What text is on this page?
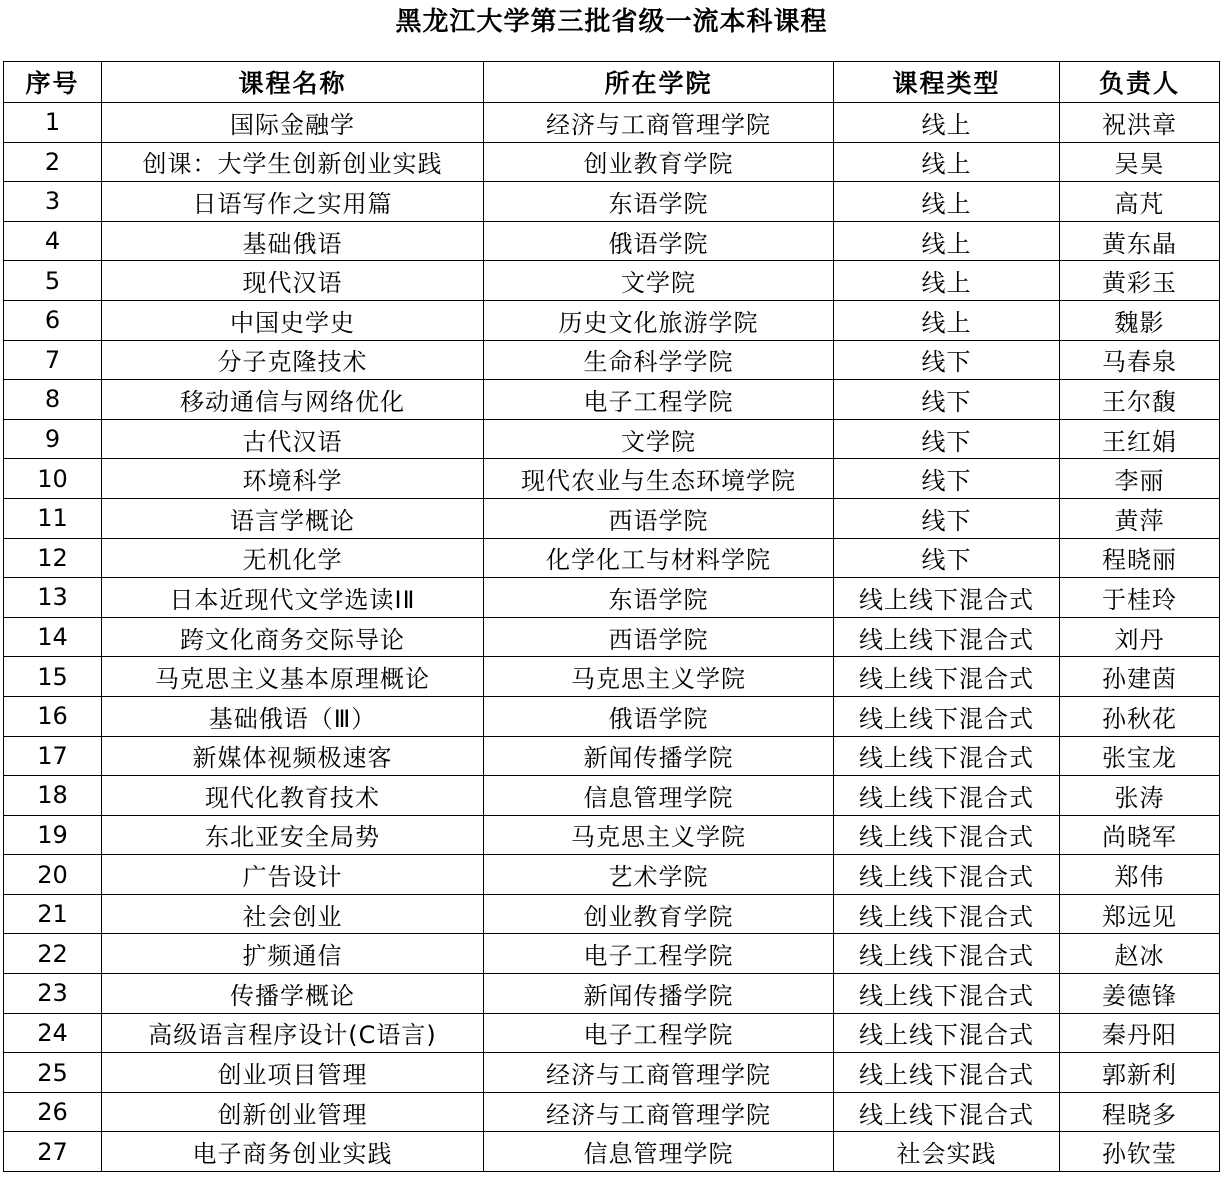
黑龙江大学第三批省级一流本科课程
序号	课程名称	所在学院	课程类型	负责人
1	国际金融学	经济与工商管理学院	线上	祝洪章
2	创课：大学生创新创业实践	创业教育学院	线上	吴昊
3	日语写作之实用篇	东语学院	线上	高芃
4	基础俄语	俄语学院	线上	黄东晶
5	现代汉语	文学院	线上	黄彩玉
6	中国史学史	历史文化旅游学院	线上	魏影
7	分子克隆技术	生命科学学院	线下	马春泉
8	移动通信与网络优化	电子工程学院	线下	王尔馥
9	古代汉语	文学院	线下	王红娟
10	环境科学	现代农业与生态环境学院	线下	李丽
11	语言学概论	西语学院	线下	黄萍
12	无机化学	化学化工与材料学院	线下	程晓丽
13	日本近现代文学选读ⅠⅡ	东语学院	线上线下混合式	于桂玲
14	跨文化商务交际导论	西语学院	线上线下混合式	刘丹
15	马克思主义基本原理概论	马克思主义学院	线上线下混合式	孙建茵
16	基础俄语（Ⅲ）	俄语学院	线上线下混合式	孙秋花
17	新媒体视频极速客	新闻传播学院	线上线下混合式	张宝龙
18	现代化教育技术	信息管理学院	线上线下混合式	张涛
19	东北亚安全局势	马克思主义学院	线上线下混合式	尚晓军
20	广告设计	艺术学院	线上线下混合式	郑伟
21	社会创业	创业教育学院	线上线下混合式	郑远见
22	扩频通信	电子工程学院	线上线下混合式	赵冰
23	传播学概论	新闻传播学院	线上线下混合式	姜德锋
24	高级语言程序设计(C语言)	电子工程学院	线上线下混合式	秦丹阳
25	创业项目管理	经济与工商管理学院	线上线下混合式	郭新利
26	创新创业管理	经济与工商管理学院	线上线下混合式	程晓多
27	电子商务创业实践	信息管理学院	社会实践	孙钦莹
